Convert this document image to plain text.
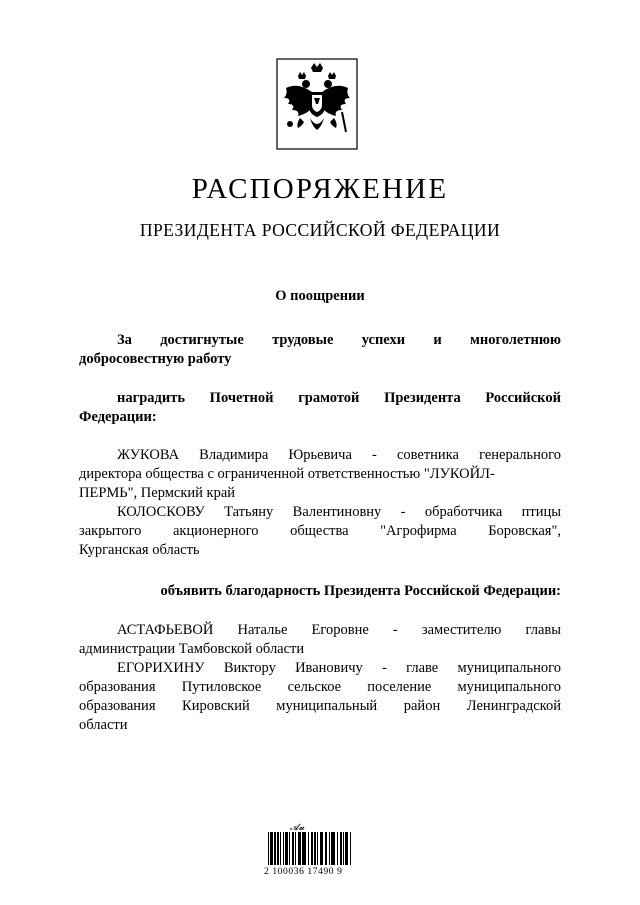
РАСПОРЯЖЕНИЕ
ПРЕЗИДЕНТА РОССИЙСКОЙ ФЕДЕРАЦИИ
О поощрении
За достигнутые трудовые успехи и многолетнюю
добросовестную работу
наградить Почетной грамотой Президента Российской
Федерации:
ЖУКОВА Владимира Юрьевича - советника генерального
директора общества с ограниченной ответственностью "ЛУКОЙЛ-
ПЕРМЬ", Пермский край
КОЛОСКОВУ Татьяну Валентиновну - обработчика птицы
закрытого акционерного общества "Агрофирма Боровская",
Курганская область
объявить благодарность Президента Российской Федерации:
АСТАФЬЕВОЙ Наталье Егоровне - заместителю главы
администрации Тамбовской области
ЕГОРИХИНУ Виктору Ивановичу - главе муниципального
образования Путиловское сельское поселение муниципального
образования Кировский муниципальный район Ленинградской
области
𝓐𝓾
2 100036 17490 9
